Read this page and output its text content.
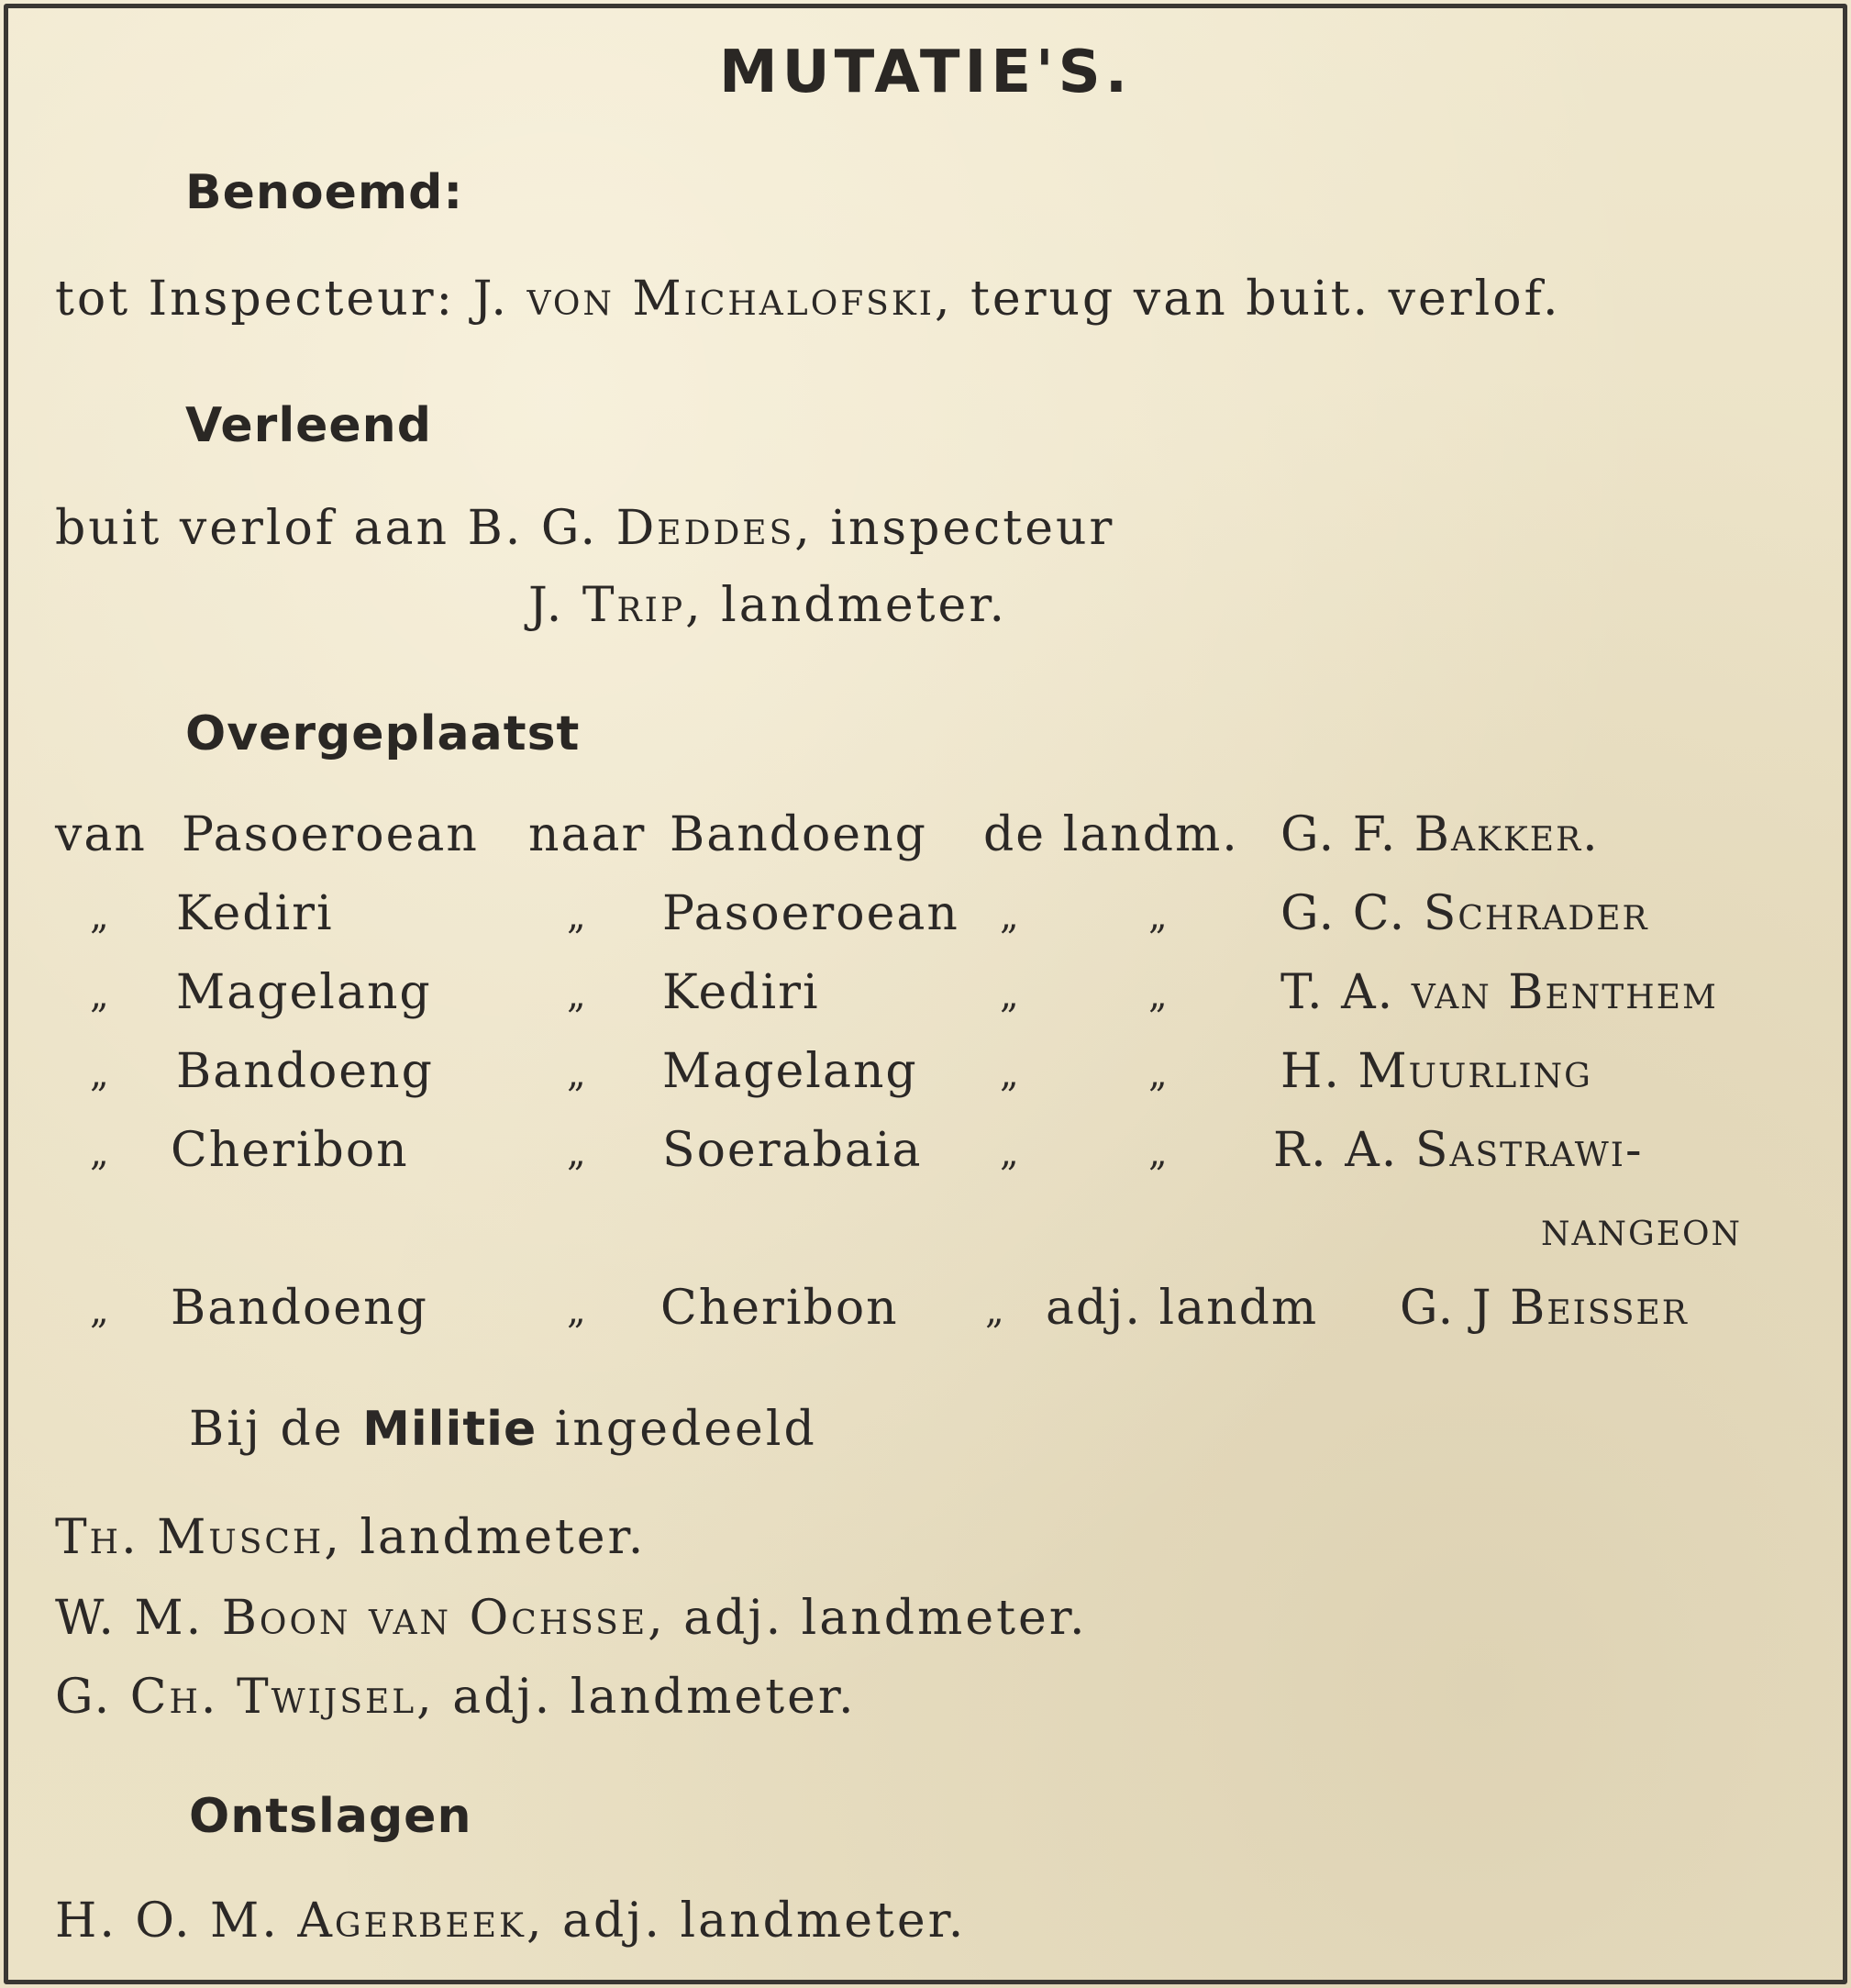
MUTATIE'S.
Benoemd:
tot Inspecteur: J. von Michalofski, terug van buit. verlof.
Verleend
buit verlof aan B. G. Deddes, inspecteur
J. Trip, landmeter.
Overgeplaatst
van Pasoeroean naar Bandoeng de landm. G. F. Bakker.
„ Kediri	„ Pasoeroean „	„ G. C. Schrader
„ Magelang	„ Kediri	„	„ T. A. van Benthem
„ Bandoeng	„ Magelang „	„ H. Muurling
„ Cheribon	„ Soerabaia „	„ R. A. Sastrawi-
nangeon
„ Bandoeng	„ Cheribon „ adj. landm G. J Beisser
Bij de Militie ingedeeld
Th. Musch, landmeter.
W. M. Boon van Ochsse, adj. landmeter.
G. Ch. Twijsel, adj. landmeter.
Ontslagen
H. O. M. Agerbeek, adj. landmeter.
